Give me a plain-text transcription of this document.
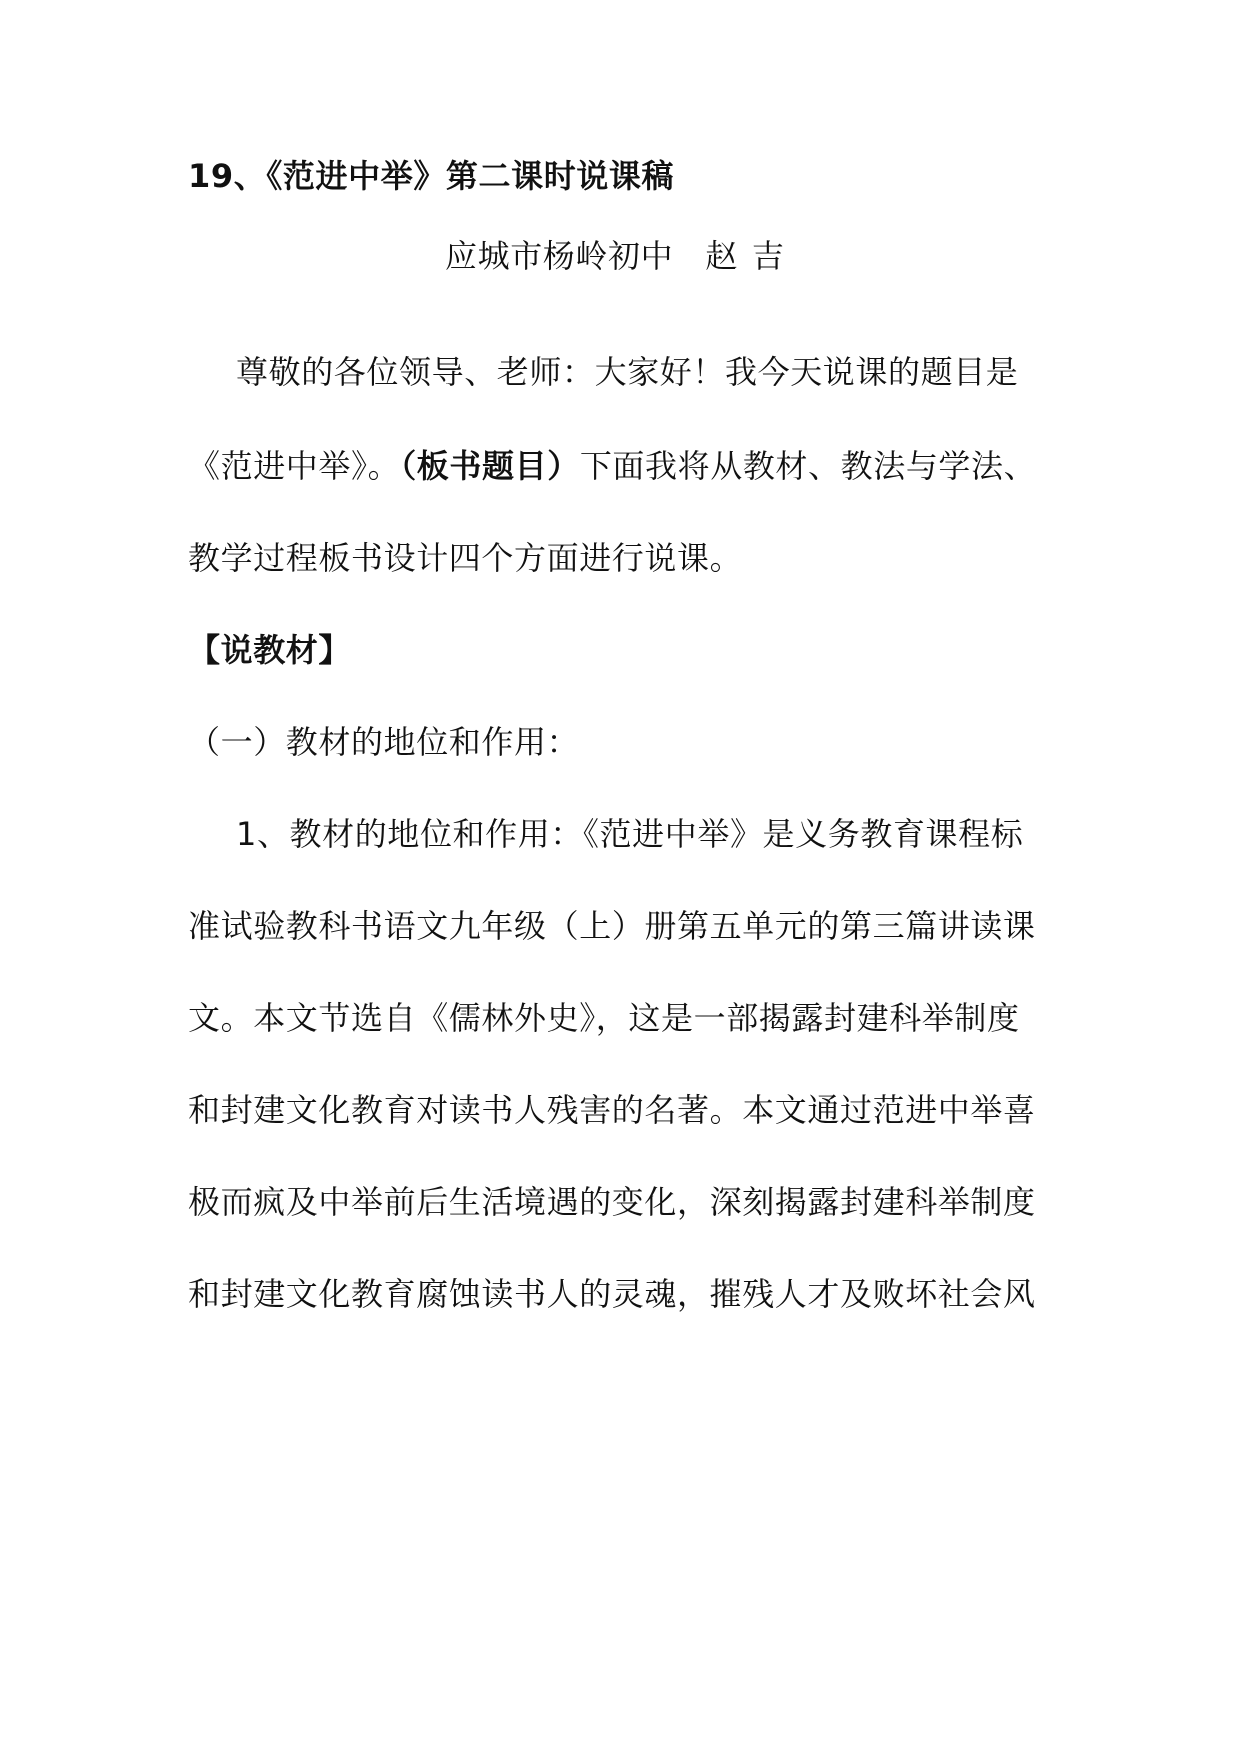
19、《范进中举》第二课时说课稿
应城市杨岭初中 赵 吉
尊敬的各位领导、老师：大家好！我今天说课的题目是
《范进中举》。（板书题目）下面我将从教材、教法与学法、
教学过程板书设计四个方面进行说课。
【说教材】
（一）教材的地位和作用：
1、教材的地位和作用：《范进中举》是义务教育课程标
准试验教科书语文九年级（上）册第五单元的第三篇讲读课
文。本文节选自《儒林外史》，这是一部揭露封建科举制度
和封建文化教育对读书人残害的名著。本文通过范进中举喜
极而疯及中举前后生活境遇的变化，深刻揭露封建科举制度
和封建文化教育腐蚀读书人的灵魂，摧残人才及败坏社会风
